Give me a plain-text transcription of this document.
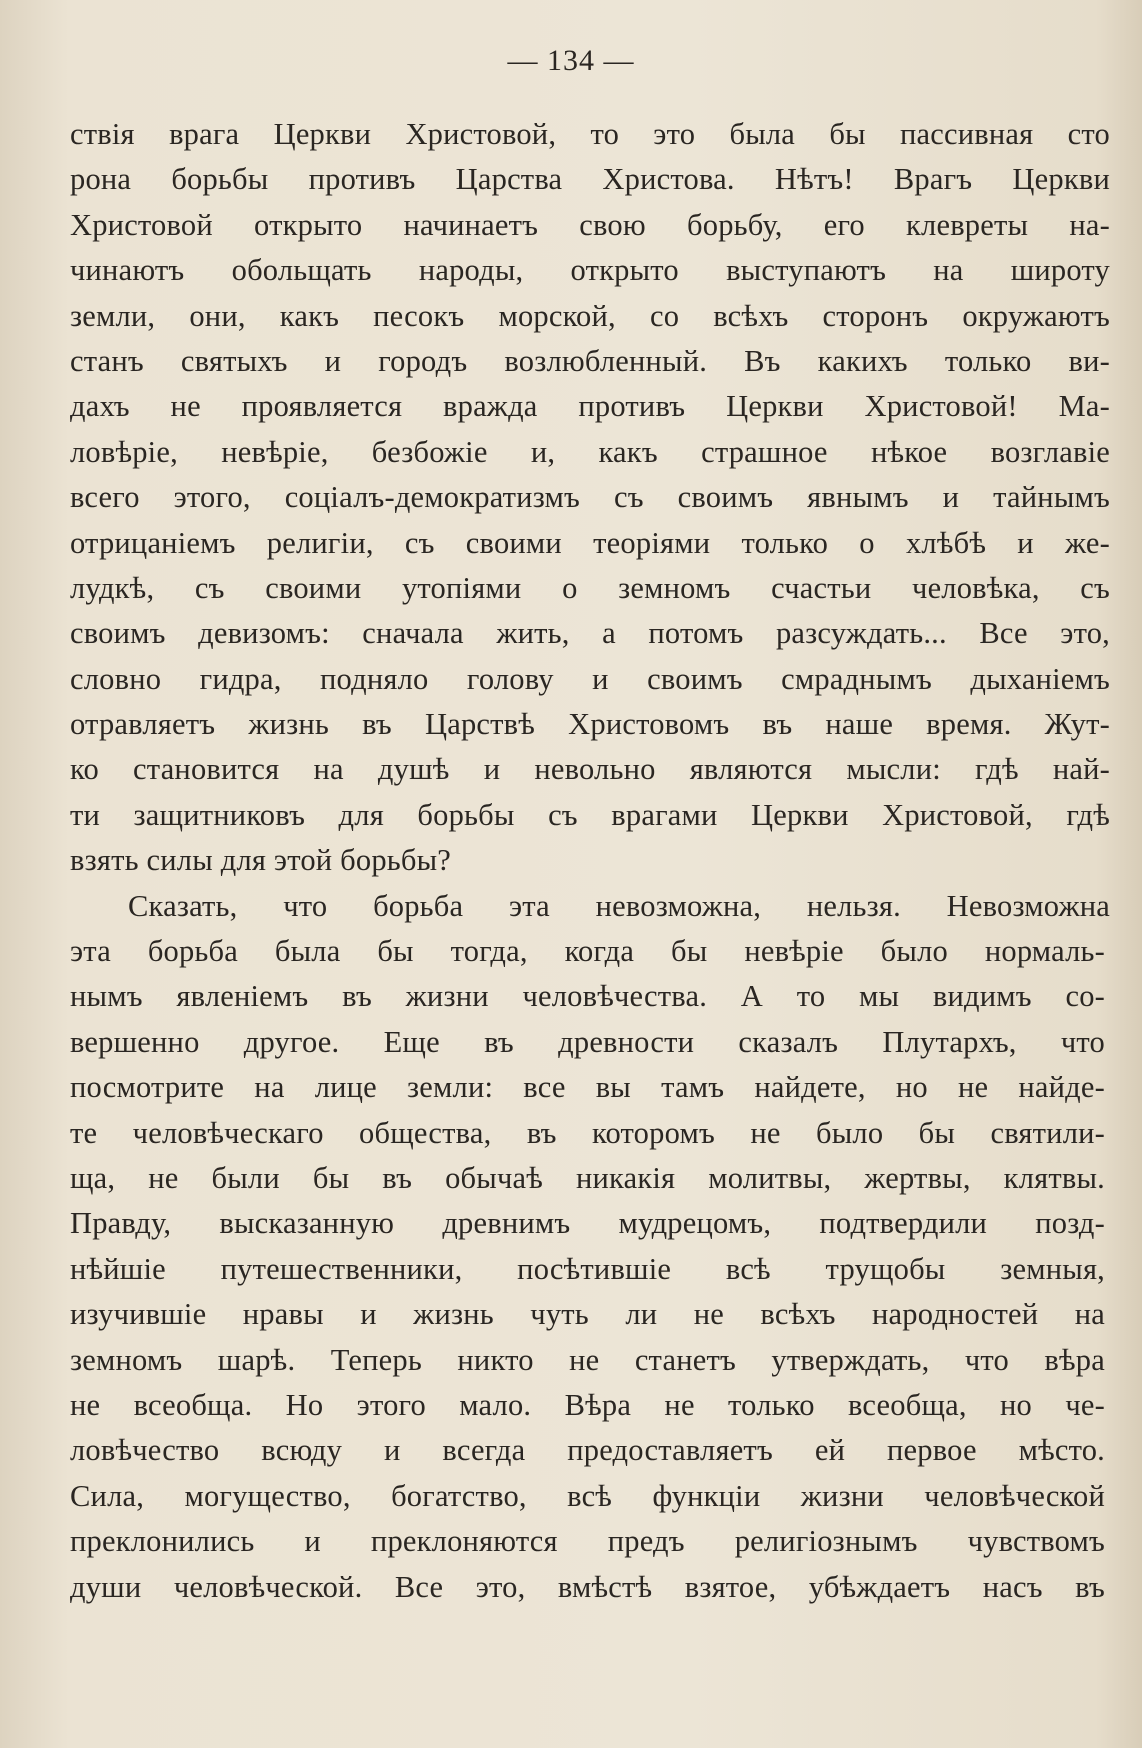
— 134 —
ствія врага Церкви Христовой, то это была бы пассивная сто
рона борьбы противъ Царства Христова. Нѣтъ! Врагъ Церкви
Христовой открыто начинаетъ свою борьбу, его клевреты на-
чинаютъ обольщать народы, открыто выступаютъ на широту
земли, они, какъ песокъ морской, со всѣхъ сторонъ окружаютъ
станъ святыхъ и городъ возлюбленный. Въ какихъ только ви-
дахъ не проявляется вражда противъ Церкви Христовой! Ма-
ловѣріе, невѣріе, безбожіе и, какъ страшное нѣкое возглавіе
всего этого, соціалъ-демократизмъ съ своимъ явнымъ и тайнымъ
отрицаніемъ религіи, съ своими теоріями только о хлѣбѣ и же-
лудкѣ, съ своими утопіями о земномъ счастьи человѣка, съ
своимъ девизомъ: сначала жить, а потомъ разсуждать... Все это,
словно гидра, подняло голову и своимъ смраднымъ дыханіемъ
отравляетъ жизнь въ Царствѣ Христовомъ въ наше время. Жут-
ко становится на душѣ и невольно являются мысли: гдѣ най-
ти защитниковъ для борьбы съ врагами Церкви Христовой, гдѣ
взять силы для этой борьбы?
Сказать, что борьба эта невозможна, нельзя. Невозможна
эта борьба была бы тогда, когда бы невѣріе было нормаль-
нымъ явленіемъ въ жизни человѣчества. А то мы видимъ со-
вершенно другое. Еще въ древности сказалъ Плутархъ, что
посмотрите на лице земли: все вы тамъ найдете, но не найде-
те человѣческаго общества, въ которомъ не было бы святили-
ща, не были бы въ обычаѣ никакія молитвы, жертвы, клятвы.
Правду, высказанную древнимъ мудрецомъ, подтвердили позд-
нѣйшіе путешественники, посѣтившіе всѣ трущобы земныя,
изучившіе нравы и жизнь чуть ли не всѣхъ народностей на
земномъ шарѣ. Теперь никто не станетъ утверждать, что вѣра
не всеобща. Но этого мало. Вѣра не только всеобща, но че-
ловѣчество всюду и всегда предоставляетъ ей первое мѣсто.
Сила, могущество, богатство, всѣ функціи жизни человѣческой
преклонились и преклоняются предъ религіознымъ чувствомъ
души человѣческой. Все это, вмѣстѣ взятое, убѣждаетъ насъ въ
